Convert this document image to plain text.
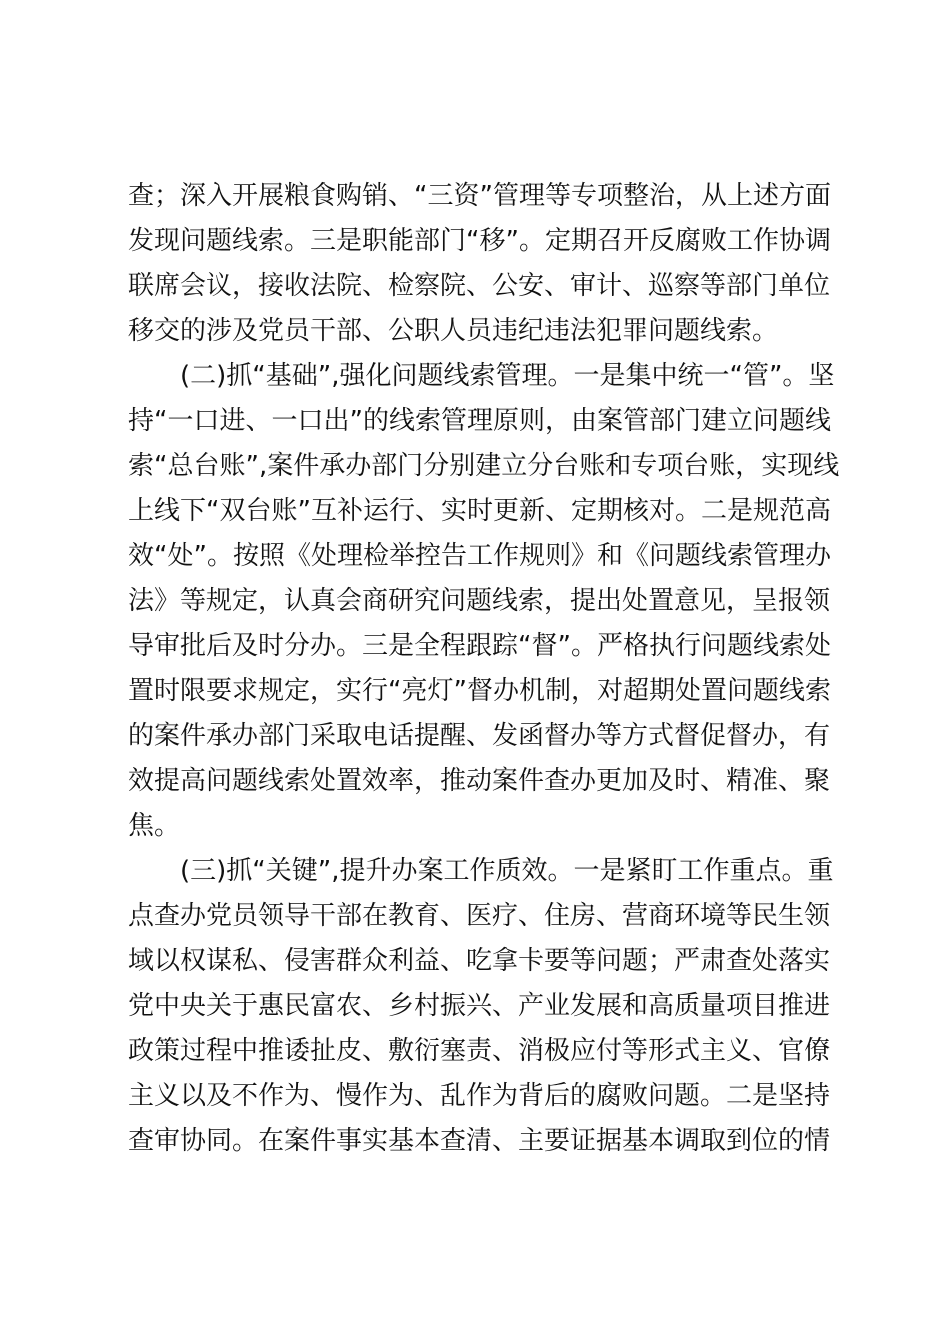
查；深入开展粮食购销、“三资”管理等专项整治，从上述方面

发现问题线索。三是职能部门“移”。定期召开反腐败工作协调

联席会议，接收法院、检察院、公安、审计、巡察等部门单位

移交的涉及党员干部、公职人员违纪违法犯罪问题线索。

(二)抓“基础”,强化问题线索管理。一是集中统一“管”。坚

持“一口进、一口出”的线索管理原则，由案管部门建立问题线

索“总台账”,案件承办部门分别建立分台账和专项台账，实现线

上线下“双台账”互补运行、实时更新、定期核对。二是规范高

效“处”。按照《处理检举控告工作规则》和《问题线索管理办

法》等规定，认真会商研究问题线索，提出处置意见，呈报领

导审批后及时分办。三是全程跟踪“督”。严格执行问题线索处

置时限要求规定，实行“亮灯”督办机制，对超期处置问题线索

的案件承办部门采取电话提醒、发函督办等方式督促督办，有

效提高问题线索处置效率，推动案件查办更加及时、精准、聚

焦。

(三)抓“关键”,提升办案工作质效。一是紧盯工作重点。重

点查办党员领导干部在教育、医疗、住房、营商环境等民生领

域以权谋私、侵害群众利益、吃拿卡要等问题；严肃查处落实

党中央关于惠民富农、乡村振兴、产业发展和高质量项目推进

政策过程中推诿扯皮、敷衍塞责、消极应付等形式主义、官僚

主义以及不作为、慢作为、乱作为背后的腐败问题。二是坚持

查审协同。在案件事实基本查清、主要证据基本调取到位的情
